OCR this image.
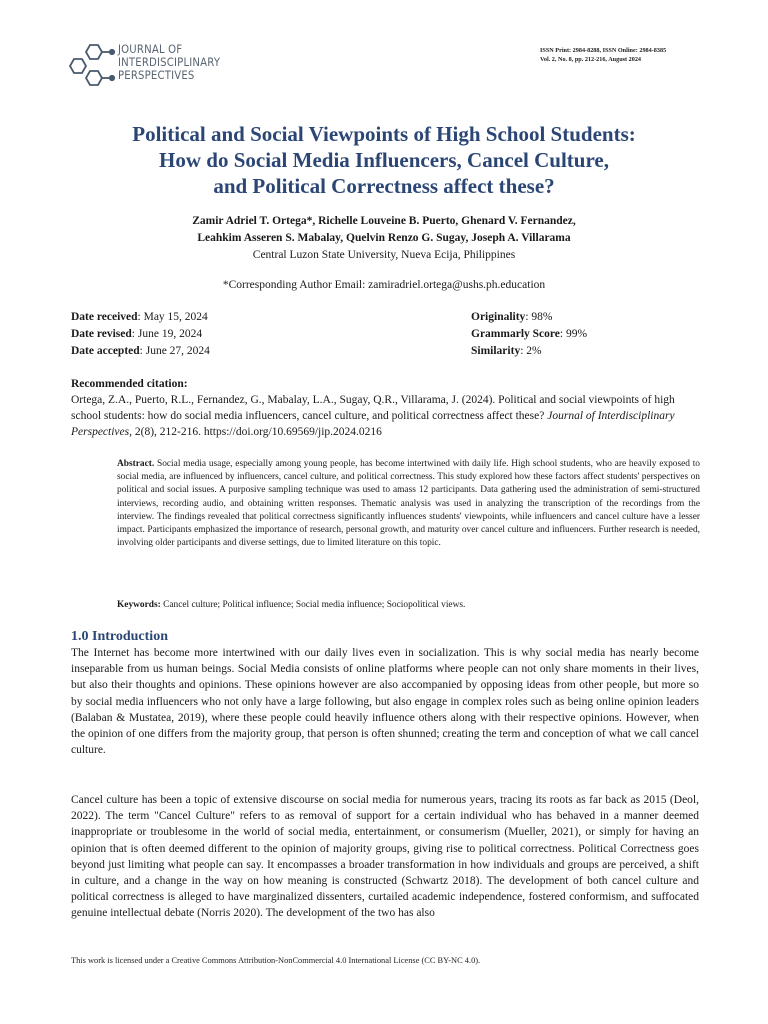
JOURNAL OF
INTERDISCIPLINARY
PERSPECTIVES
ISSN Print: 2984-8288, ISSN Online: 2984-8385
Vol. 2, No. 8, pp. 212-216, August 2024
Political and Social Viewpoints of High School Students:
How do Social Media Influencers, Cancel Culture,
and Political Correctness affect these?
Zamir Adriel T. Ortega*, Richelle Louveine B. Puerto, Ghenard V. Fernandez,
Leahkim Asseren S. Mabalay, Quelvin Renzo G. Sugay, Joseph A. Villarama
Central Luzon State University, Nueva Ecija, Philippines
*Corresponding Author Email: zamiradriel.ortega@ushs.ph.education
Date received: May 15, 2024
Date revised: June 19, 2024
Date accepted: June 27, 2024
Originality: 98%
Grammarly Score: 99%
Similarity: 2%
Recommended citation:
Ortega, Z.A., Puerto, R.L., Fernandez, G., Mabalay, L.A., Sugay, Q.R., Villarama, J. (2024). Political and social viewpoints of high school students: how do social media influencers, cancel culture, and political correctness affect these? Journal of Interdisciplinary Perspectives, 2(8), 212-216. https://doi.org/10.69569/jip.2024.0216
Abstract. Social media usage, especially among young people, has become intertwined with daily life. High school students, who are heavily exposed to social media, are influenced by influencers, cancel culture, and political correctness. This study explored how these factors affect students' perspectives on political and social issues. A purposive sampling technique was used to amass 12 participants. Data gathering used the administration of semi-structured interviews, recording audio, and obtaining written responses. Thematic analysis was used in analyzing the transcription of the recordings from the interview. The findings revealed that political correctness significantly influences students' viewpoints, while influencers and cancel culture have a lesser impact. Participants emphasized the importance of research, personal growth, and maturity over cancel culture and influencers. Further research is needed, involving older participants and diverse settings, due to limited literature on this topic.
Keywords: Cancel culture; Political influence; Social media influence; Sociopolitical views.
1.0 Introduction
The Internet has become more intertwined with our daily lives even in socialization. This is why social media has nearly become inseparable from us human beings. Social Media consists of online platforms where people can not only share moments in their lives, but also their thoughts and opinions. These opinions however are also accompanied by opposing ideas from other people, but more so by social media influencers who not only have a large following, but also engage in complex roles such as being online opinion leaders (Balaban & Mustatea, 2019), where these people could heavily influence others along with their respective opinions. However, when the opinion of one differs from the majority group, that person is often shunned; creating the term and conception of what we call cancel culture.
Cancel culture has been a topic of extensive discourse on social media for numerous years, tracing its roots as far back as 2015 (Deol, 2022). The term "Cancel Culture" refers to as removal of support for a certain individual who has behaved in a manner deemed inappropriate or troublesome in the world of social media, entertainment, or consumerism (Mueller, 2021), or simply for having an opinion that is often deemed different to the opinion of majority groups, giving rise to political correctness. Political Correctness goes beyond just limiting what people can say. It encompasses a broader transformation in how individuals and groups are perceived, a shift in culture, and a change in the way on how meaning is constructed (Schwartz 2018). The development of both cancel culture and political correctness is alleged to have marginalized dissenters, curtailed academic independence, fostered conformism, and suffocated genuine intellectual debate (Norris 2020). The development of the two has also
This work is licensed under a Creative Commons Attribution-NonCommercial 4.0 International License (CC BY-NC 4.0).
